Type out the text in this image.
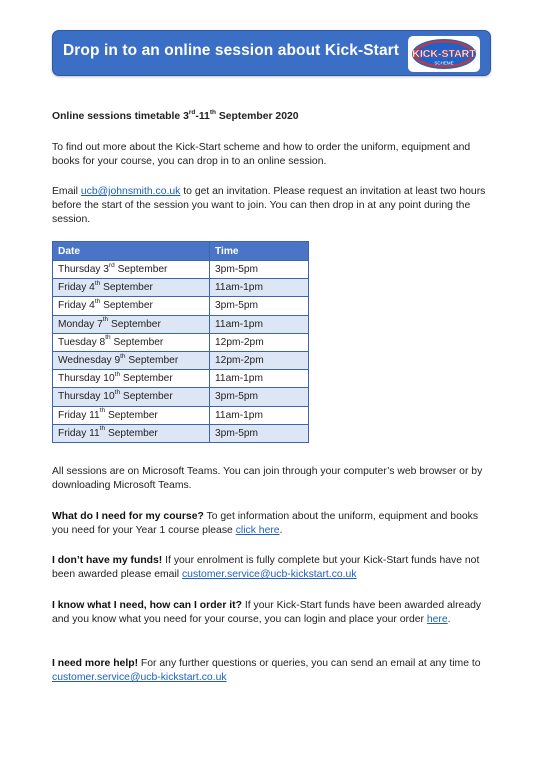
Drop in to an online session about Kick-Start KICK-START
SCHEME
Online sessions timetable 3rd-11th September 2020
To find out more about the Kick-Start scheme and how to order the uniform, equipment and books for your course, you can drop in to an online session.
Email ucb@johnsmith.co.uk to get an invitation. Please request an invitation at least two hours before the start of the session you want to join. You can then drop in at any point during the session.
Date	Time
Thursday 3rd September	3pm-5pm
Friday 4th September	11am-1pm
Friday 4th September	3pm-5pm
Monday 7th September	11am-1pm
Tuesday 8th September	12pm-2pm
Wednesday 9th September	12pm-2pm
Thursday 10th September	11am-1pm
Thursday 10th September	3pm-5pm
Friday 11th September	11am-1pm
Friday 11th September	3pm-5pm
All sessions are on Microsoft Teams. You can join through your computer’s web browser or by downloading Microsoft Teams.
What do I need for my course? To get information about the uniform, equipment and books you need for your Year 1 course please click here.
I don’t have my funds! If your enrolment is fully complete but your Kick-Start funds have not been awarded please email customer.service@ucb-kickstart.co.uk
I know what I need, how can I order it? If your Kick-Start funds have been awarded already and you know what you need for your course, you can login and place your order here.
I need more help! For any further questions or queries, you can send an email at any time to customer.service@ucb-kickstart.co.uk
